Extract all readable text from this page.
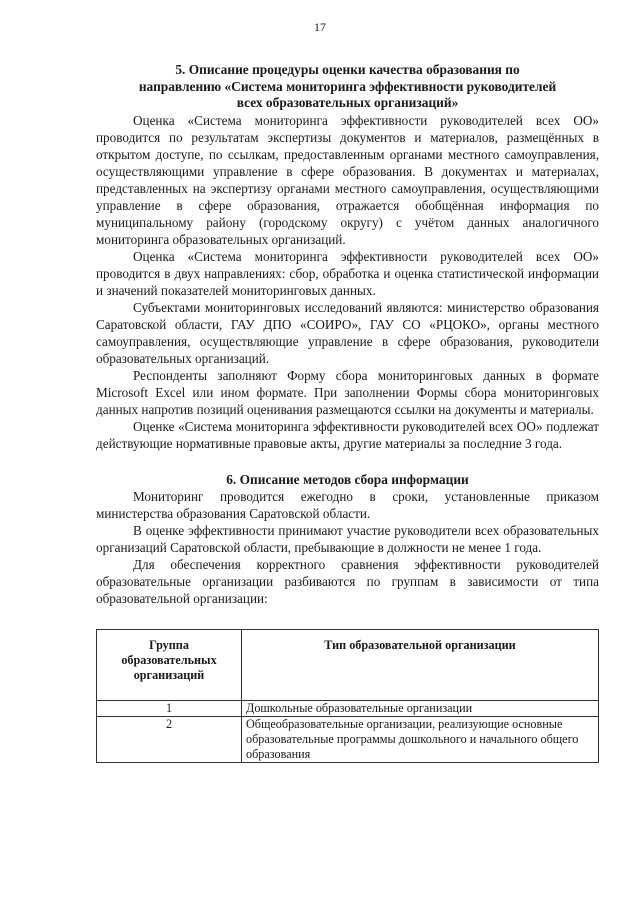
17
5. Описание процедуры оценки качества образования по
направлению «Система мониторинга эффективности руководителей
всех образовательных организаций»

Оценка «Система мониторинга эффективности руководителей всех ОО» проводится по результатам экспертизы документов и материалов, размещённых в открытом доступе, по ссылкам, предоставленным органами местного самоуправления, осуществляющими управление в сфере образования. В документах и материалах, представленных на экспертизу органами местного самоуправления, осуществляющими управление в сфере образования, отражается обобщённая информация по муниципальному району (городскому округу) с учётом данных аналогичного мониторинга образовательных организаций.

Оценка «Система мониторинга эффективности руководителей всех ОО» проводится в двух направлениях: сбор, обработка и оценка статистической информации и значений показателей мониторинговых данных.

Субъектами мониторинговых исследований являются: министерство образования Саратовской области, ГАУ ДПО «СОИРО», ГАУ СО «РЦОКО», органы местного самоуправления, осуществляющие управление в сфере образования, руководители образовательных организаций.

Респонденты заполняют Форму сбора мониторинговых данных в формате Microsoft Excel или ином формате. При заполнении Формы сбора мониторинговых данных напротив позиций оценивания размещаются ссылки на документы и материалы.

Оценке «Система мониторинга эффективности руководителей всех ОО» подлежат действующие нормативные правовые акты, другие материалы за последние 3 года.

6. Описание методов сбора информации

Мониторинг проводится ежегодно в сроки, установленные приказом министерства образования Саратовской области.

В оценке эффективности принимают участие руководители всех образовательных организаций Саратовской области, пребывающие в должности не менее 1 года.

Для обеспечения корректного сравнения эффективности руководителей образовательные организации разбиваются по группам в зависимости от типа образовательной организации:

Группа образовательных организаций	Тип образовательной организации
1	Дошкольные образовательные организации
2	Общеобразовательные организации, реализующие основные образовательные программы дошкольного и начального общего образования
